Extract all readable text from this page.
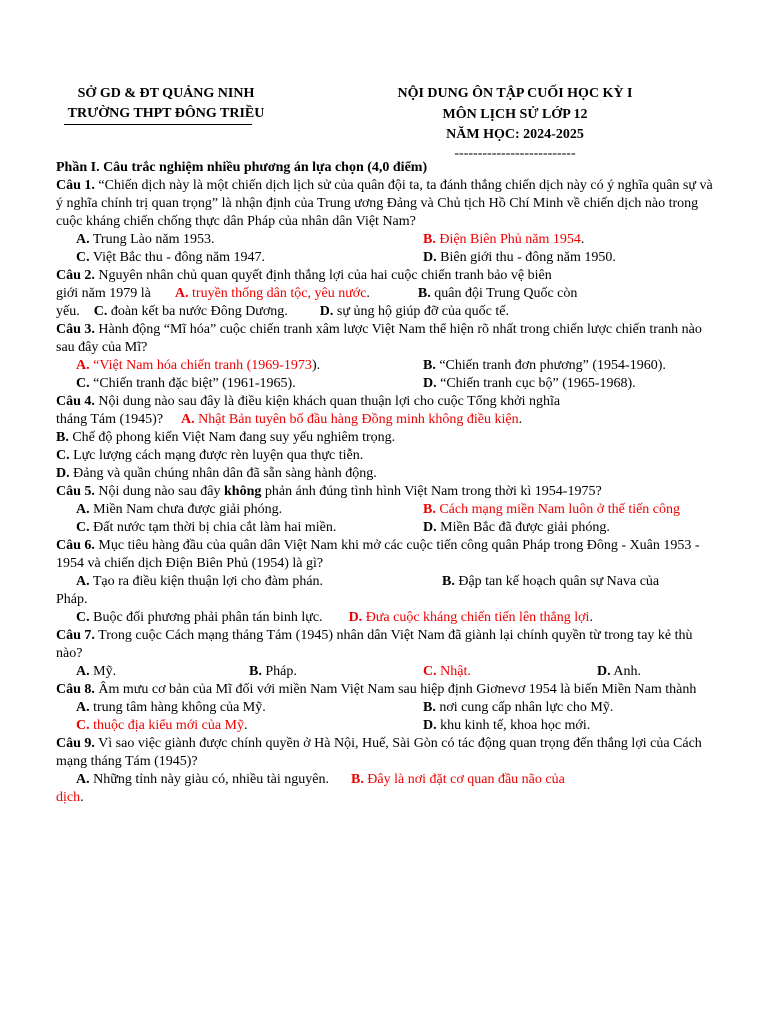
SỞ GD & ĐT QUẢNG NINH
TRƯỜNG THPT ĐÔNG TRIỀU
NỘI DUNG ÔN TẬP CUỐI HỌC KỲ I
MÔN LỊCH SỬ LỚP 12
NĂM HỌC: 2024-2025
--------------------------
Phần I. Câu trắc nghiệm nhiều phương án lựa chọn (4,0 điểm)
Câu 1. “Chiến dịch này là một chiến dịch lịch sử của quân đội ta, ta đánh thắng chiến dịch này có ý nghĩa quân sự và ý nghĩa chính trị quan trọng” là nhận định của Trung ương Đảng và Chủ tịch Hồ Chí Minh về chiến dịch nào trong cuộc kháng chiến chống thực dân Pháp của nhân dân Việt Nam?
A. Trung Lào năm 1953.	B. Điện Biên Phủ năm 1954 .
C. Việt Bắc thu - đông năm 1947.	D. Biên giới thu - đông năm 1950.
Câu 2. Nguyên nhân chủ quan quyết định thắng lợi của hai cuộc chiến tranh bảo vệ biên
giới năm 1979 là A. truyền thống dân tộc, yêu nước.	B. quân đội Trung Quốc còn
yếu. C. đoàn kết ba nước Đông Dương. D. sự ủng hộ giúp đỡ của quốc tế.
Câu 3. Hành động “Mĩ hóa” cuộc chiến tranh xâm lược Việt Nam thể hiện rõ nhất trong chiến lược chiến tranh nào sau đây của Mĩ?
A. “Việt Nam hóa chiến tranh (1969-1973).	B. “Chiến tranh đơn phương” (1954-1960).
C. “Chiến tranh đặc biệt” (1961-1965).	D. “Chiến tranh cục bộ” (1965-1968).
Câu 4. Nội dung nào sau đây là điều kiện khách quan thuận lợi cho cuộc Tổng khởi nghĩa
tháng Tám (1945)? A. Nhật Bản tuyên bố đầu hàng Đồng minh không điều kiện.
B. Chế độ phong kiến Việt Nam đang suy yếu nghiêm trọng.
C. Lực lượng cách mạng được rèn luyện qua thực tiễn.
D. Đảng và quần chúng nhân dân đã sẵn sàng hành động.
Câu 5. Nội dung nào sau đây không phản ánh đúng tình hình Việt Nam trong thời kì 1954-1975?
A. Miền Nam chưa được giải phóng.	B. Cách mạng miền Nam luôn ở thế tiến công
C. Đất nước tạm thời bị chia cắt làm hai miền.	D. Miền Bắc đã được giải phóng.
Câu 6. Mục tiêu hàng đầu của quân dân Việt Nam khi mở các cuộc tiến công quân Pháp trong Đông - Xuân 1953 - 1954 và chiến dịch Điện Biên Phủ (1954) là gì?
A. Tạo ra điều kiện thuận lợi cho đàm phán.	B. Đập tan kế hoạch quân sự Nava của
Pháp.
C. Buộc đối phương phải phân tán binh lực. D. Đưa cuộc kháng chiến tiến lên thẳng lợi.
Câu 7. Trong cuộc Cách mạng tháng Tám (1945) nhân dân Việt Nam đã giành lại chính quyền từ trong tay kẻ thù nào?
A. Mỹ.	B. Pháp.	C. Nhật.	D. Anh.
Câu 8. Âm mưu cơ bản của Mĩ đối với miền Nam Việt Nam sau hiệp định Giơnevơ 1954 là biến Miền Nam thành
A. trung tâm hàng không của Mỹ.	B. nơi cung cấp nhân lực cho Mỹ.
C. thuộc địa kiểu mới của Mỹ.	D. khu kinh tế, khoa học mới.
Câu 9. Vì sao việc giành được chính quyền ở Hà Nội, Huế, Sài Gòn có tác động quan trọng đến thắng lợi của Cách mạng tháng Tám (1945)?
A. Những tỉnh này giàu có, nhiều tài nguyên. B. Đây là nơi đặt cơ quan đầu não của
dịch.
